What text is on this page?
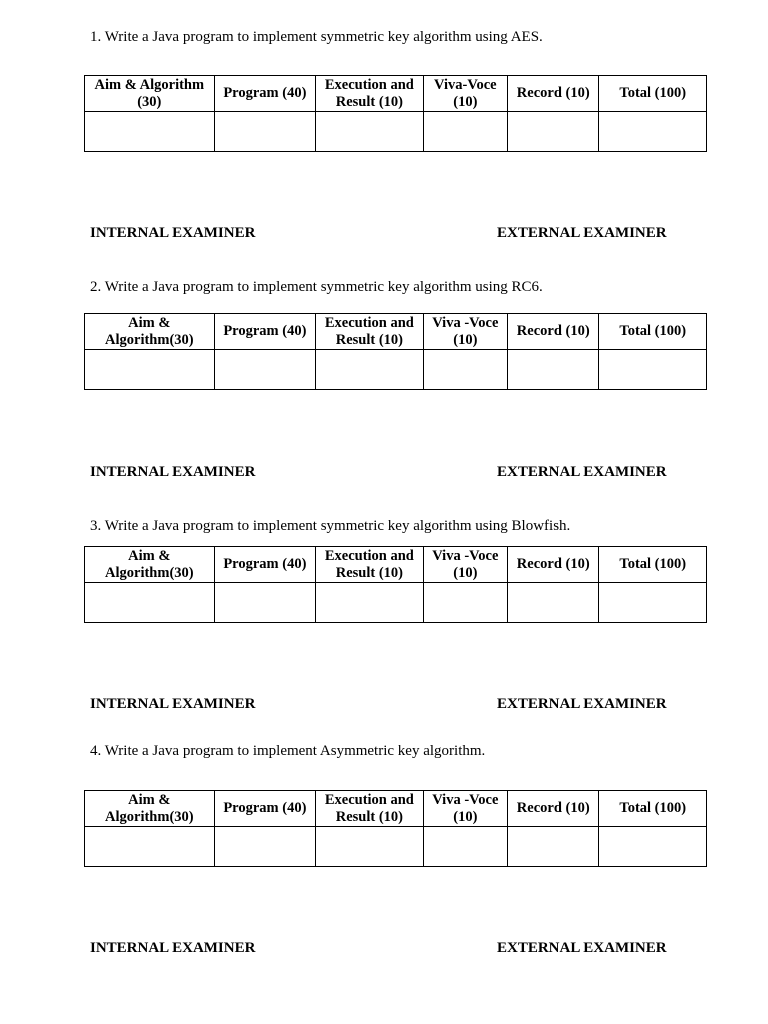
1. Write a Java program to implement symmetric key algorithm using AES.
Aim & Algorithm (30)	Program (40)	Execution and Result (10)	Viva-Voce (10)	Record (10)	Total (100)

INTERNAL EXAMINER	EXTERNAL EXAMINER
2. Write a Java program to implement symmetric key algorithm using RC6.
Aim & Algorithm(30)	Program (40)	Execution and Result (10)	Viva -Voce (10)	Record (10)	Total (100)

INTERNAL EXAMINER	EXTERNAL EXAMINER
3. Write a Java program to implement symmetric key algorithm using Blowfish.
Aim & Algorithm(30)	Program (40)	Execution and Result (10)	Viva -Voce (10)	Record (10)	Total (100)

INTERNAL EXAMINER	EXTERNAL EXAMINER
4. Write a Java program to implement Asymmetric key algorithm.
Aim & Algorithm(30)	Program (40)	Execution and Result (10)	Viva -Voce (10)	Record (10)	Total (100)

INTERNAL EXAMINER	EXTERNAL EXAMINER
